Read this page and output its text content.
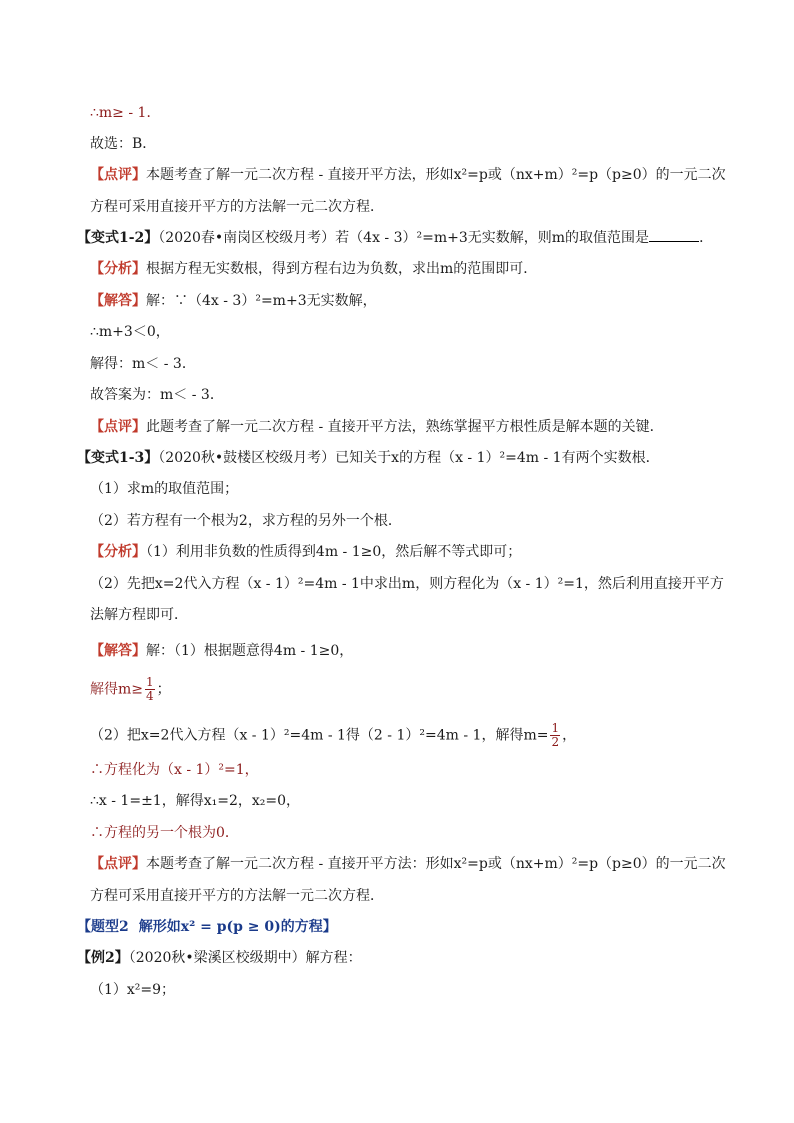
∴m≥ - 1．
故选：B．
【点评】本题考查了解一元二次方程 - 直接开平方法，形如x²=p或（nx+m）²=p（p≥0）的一元二次
方程可采用直接开平方的方法解一元二次方程．
【变式1-2】（2020春•南岗区校级月考）若（4x - 3）²=m+3无实数解，则m的取值范围是	．
【分析】根据方程无实数根，得到方程右边为负数，求出m的范围即可．
【解答】解：∵（4x - 3）²=m+3无实数解，
∴m+3＜0，
解得：m＜ - 3．
故答案为：m＜ - 3．
【点评】此题考查了解一元二次方程 - 直接开平方法，熟练掌握平方根性质是解本题的关键．
【变式1-3】（2020秋•鼓楼区校级月考）已知关于x的方程（x - 1）²=4m - 1有两个实数根．
（1）求m的取值范围；
（2）若方程有一个根为2，求方程的另外一个根．
【分析】（1）利用非负数的性质得到4m - 1≥0，然后解不等式即可；
（2）先把x=2代入方程（x - 1）²=4m - 1中求出m，则方程化为（x - 1）²=1，然后利用直接开平方
法解方程即可．
【解答】解：（1）根据题意得4m - 1≥0，
解得$m\ge \frac{1}{4}$ ；
（2）把x=2代入方程（x - 1）²=4m - 1得（2 - 1）²=4m - 1，解得$m= \frac{1}{2}$ ，
∴方程化为（x - 1）²=1，
∴x - 1=±1，解得x₁=2，x₂=0，
∴方程的另一个根为0．
【点评】本题考查了解一元二次方程 - 直接开平方法：形如x²=p或（nx+m）²=p（p≥0）的一元二次
方程可采用直接开平方的方法解一元二次方程．
【题型2 解形如x² = p(p ≥ 0)的方程】
【例2】（2020秋•梁溪区校级期中）解方程：
（1）x²=9；
